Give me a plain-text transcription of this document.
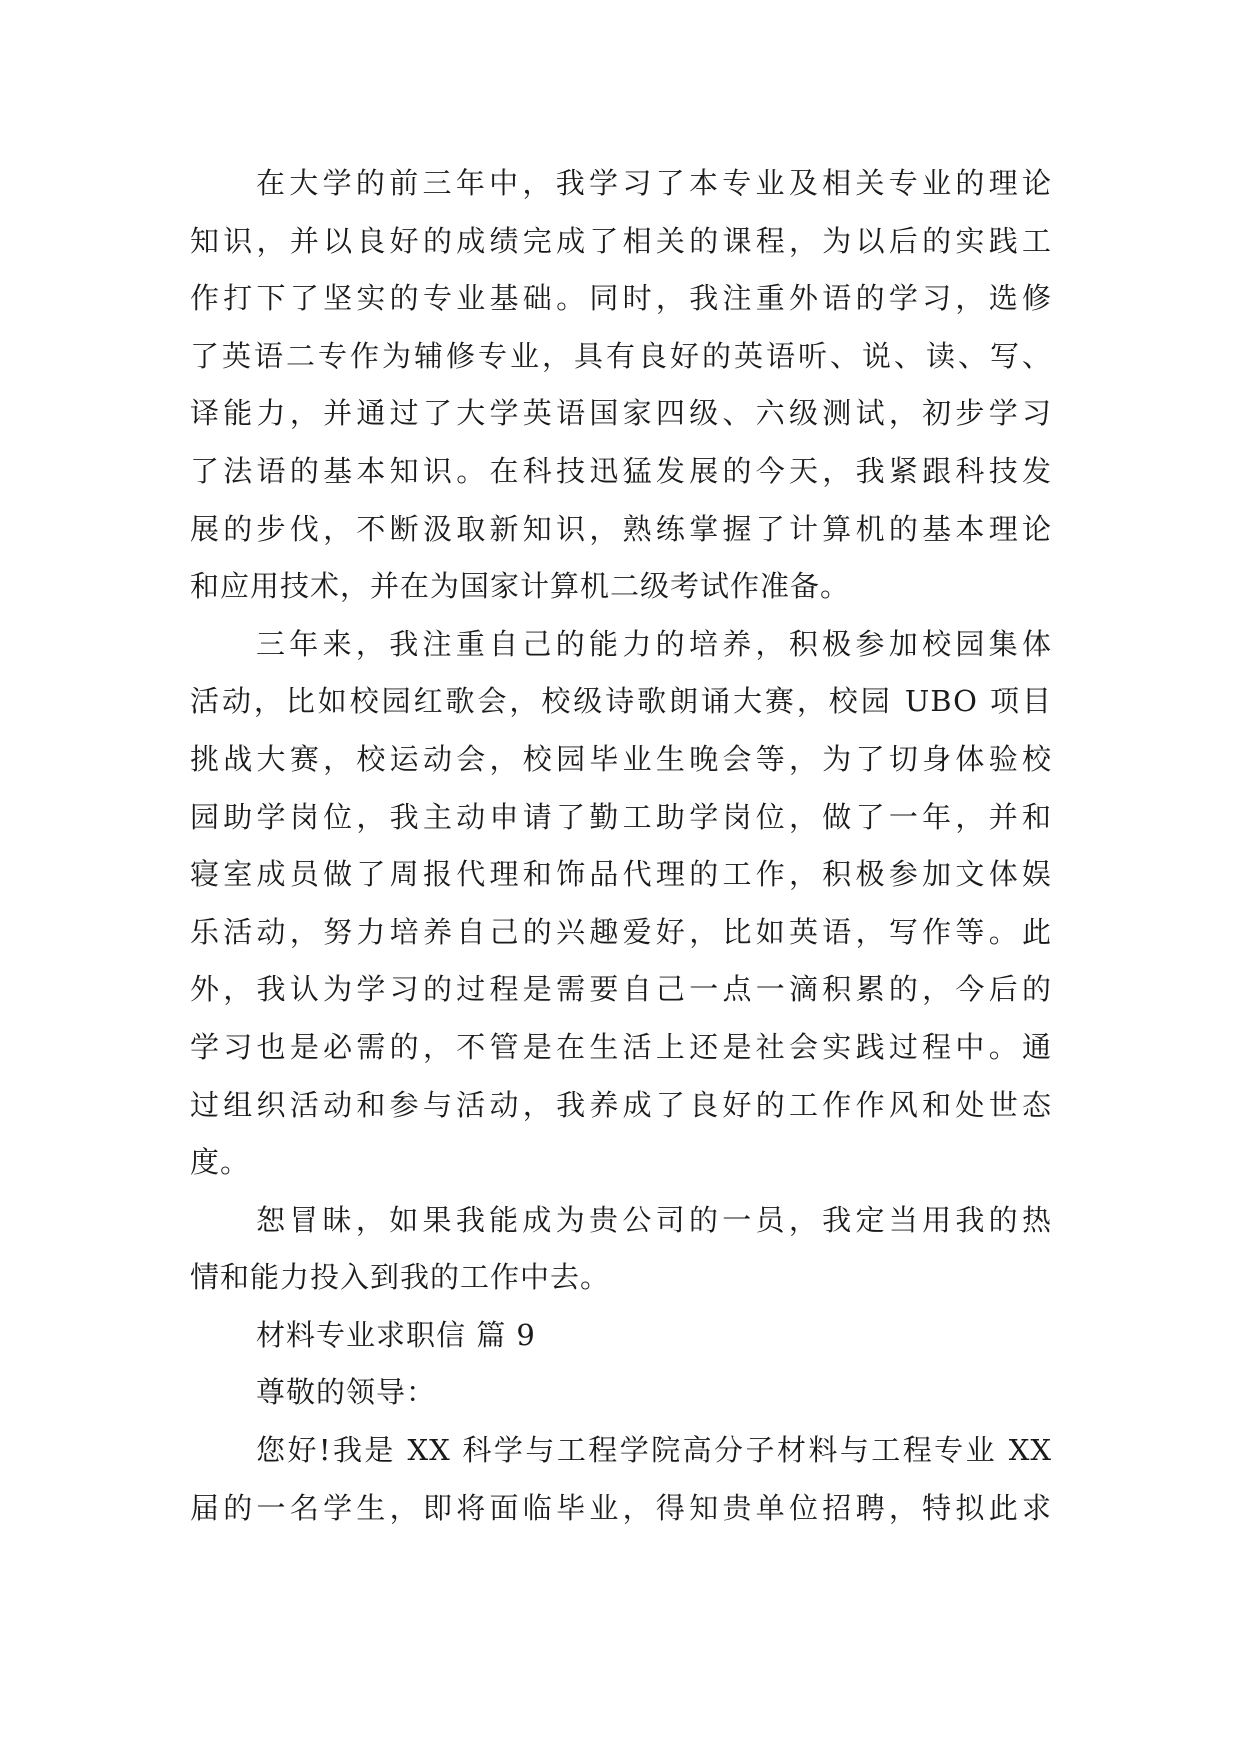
在大学的前三年中，我学习了本专业及相关专业的理论
知识，并以良好的成绩完成了相关的课程，为以后的实践工
作打下了坚实的专业基础。同时，我注重外语的学习，选修
了英语二专作为辅修专业，具有良好的英语听、说、读、写、
译能力，并通过了大学英语国家四级、六级测试，初步学习
了法语的基本知识。在科技迅猛发展的今天，我紧跟科技发
展的步伐，不断汲取新知识，熟练掌握了计算机的基本理论
和应用技术，并在为国家计算机二级考试作准备。
三年来，我注重自己的能力的培养，积极参加校园集体
活动，比如校园红歌会，校级诗歌朗诵大赛，校园 UBO 项目
挑战大赛，校运动会，校园毕业生晚会等，为了切身体验校
园助学岗位，我主动申请了勤工助学岗位，做了一年，并和
寝室成员做了周报代理和饰品代理的工作，积极参加文体娱
乐活动，努力培养自己的兴趣爱好，比如英语，写作等。此
外，我认为学习的过程是需要自己一点一滴积累的，今后的
学习也是必需的，不管是在生活上还是社会实践过程中。通
过组织活动和参与活动，我养成了良好的工作作风和处世态
度。
恕冒昧，如果我能成为贵公司的一员，我定当用我的热
情和能力投入到我的工作中去。
材料专业求职信 篇 9
尊敬的领导：
您好!我是 XX 科学与工程学院高分子材料与工程专业 XX
届的一名学生，即将面临毕业，得知贵单位招聘，特拟此求
